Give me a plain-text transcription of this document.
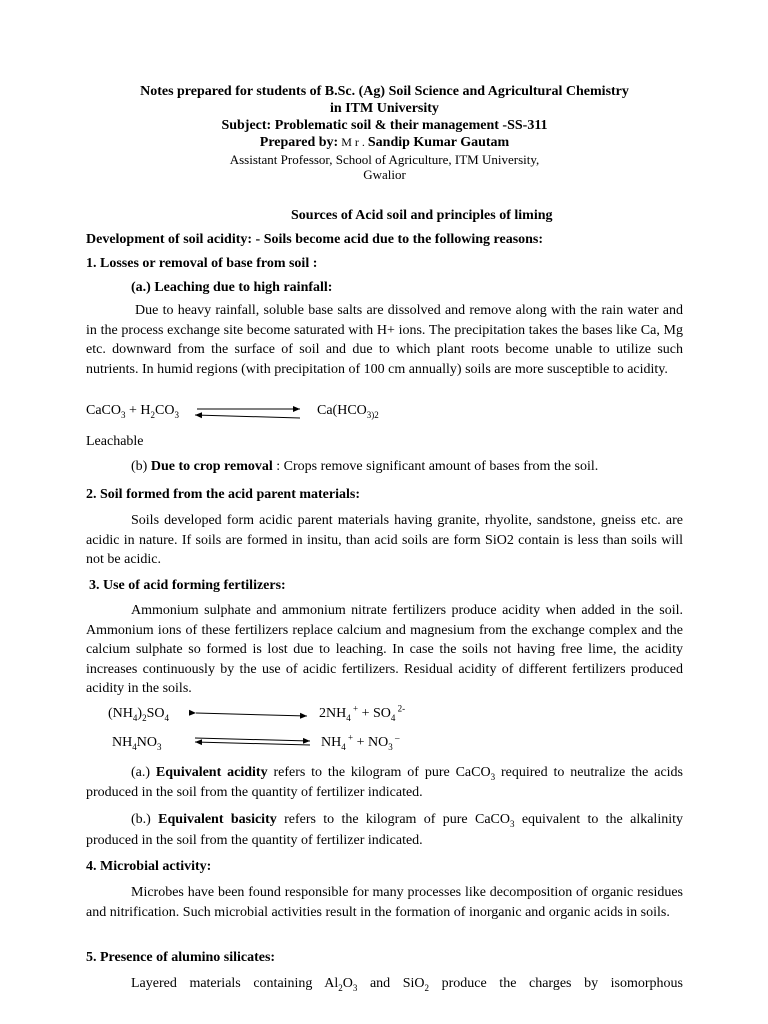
Notes prepared for students of B.Sc. (Ag) Soil Science and Agricultural Chemistry
in ITM University
Subject: Problematic soil & their management -SS-311
Prepared by: M r . Sandip Kumar Gautam
Assistant Professor, School of Agriculture, ITM University,
Gwalior
Sources of Acid soil and principles of liming
Development of soil acidity: - Soils become acid due to the following reasons:
1. Losses or removal of base from soil :
(a.) Leaching due to high rainfall:
Due to heavy rainfall, soluble base salts are dissolved and remove along with the rain water and in the process exchange site become saturated with H+ ions. The precipitation takes the bases like Ca, Mg etc. downward from the surface of soil and due to which plant roots become unable to utilize such nutrients. In humid regions (with precipitation of 100 cm annually) soils are more susceptible to acidity.
CaCO$_3$ + $H_2CO_3$	$Ca(HCO_{3)2}$
Leachable
(b) Due to crop removal : Crops remove significant amount of bases from the soil.
2. Soil formed from the acid parent materials:
Soils developed form acidic parent materials having granite, rhyolite, sandstone, gneiss etc. are acidic in nature. If soils are formed in insitu, than acid soils are form SiO2 contain is less than soils will not be acidic.
3. Use of acid forming fertilizers:
Ammonium sulphate and ammonium nitrate fertilizers produce acidity when added in the soil. Ammonium ions of these fertilizers replace calcium and magnesium from the exchange complex and the calcium sulphate so formed is lost due to leaching. In case the soils not having free lime, the acidity increases continuously by the use of acidic fertilizers. Residual acidity of different fertilizers produced acidity in the soils.
$(NH_4)_2SO_4$	$2NH_4$ $^+ + SO_4$ $^{2-}$
$NH_4NO_3$	$NH_4$ $^+ + NO_3$ –
(a.) Equivalent acidity refers to the kilogram of pure CaCO$_3$ required to neutralize the acids produced in the soil from the quantity of fertilizer indicated.
(b.) Equivalent basicity refers to the kilogram of pure CaCO$_3$ equivalent to the alkalinity produced in the soil from the quantity of fertilizer indicated.
4. Microbial activity:
Microbes have been found responsible for many processes like decomposition of organic residues and nitrification. Such microbial activities result in the formation of inorganic and organic acids in soils.
5. Presence of alumino silicates:
Layered materials containing $Al_2O_3$ and SiO$_2$ produce the charges by isomorphous
